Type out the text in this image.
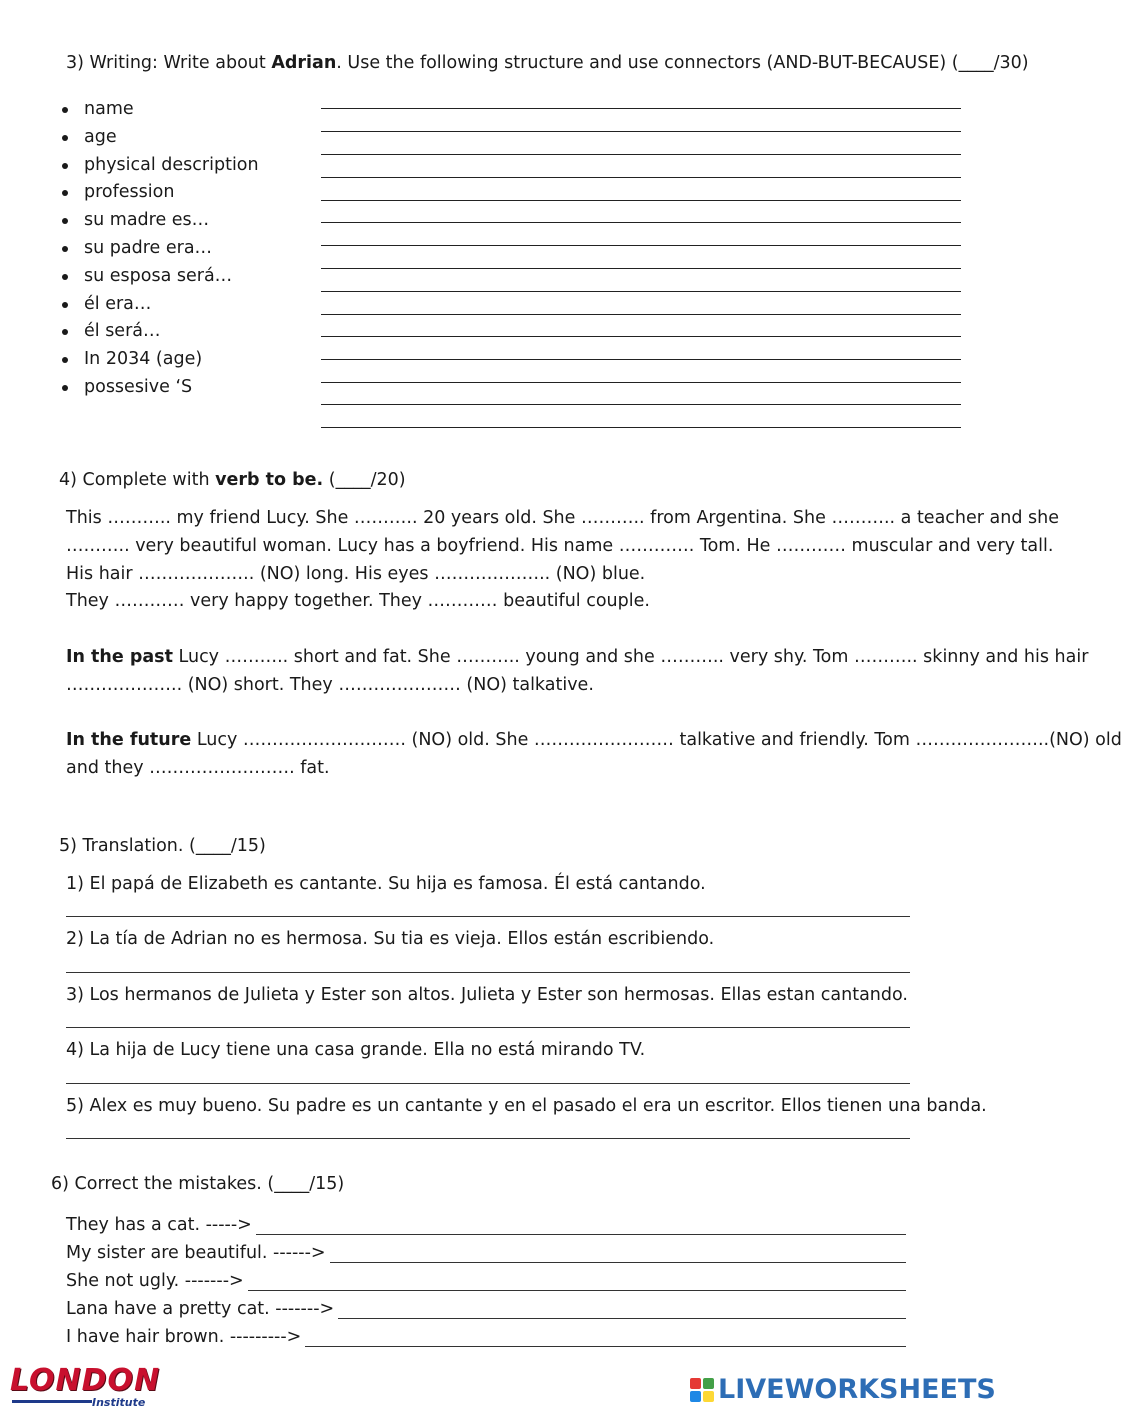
3) Writing: Write about Adrian. Use the following structure and use connectors (AND-BUT-BECAUSE) (____/30)
name
age
physical description
profession
su madre es…
su padre era…
su esposa será…
él era…
él será…
In 2034 (age)
possesive ‘S
4) Complete with verb to be. (____/20)

This ……….. my friend Lucy. She ……….. 20 years old. She ……….. from Argentina. She ……….. a teacher and she

……….. very beautiful woman. Lucy has a boyfriend. His name …………. Tom. He ………… muscular and very tall.

His hair ……………….. (NO) long. His eyes ……………….. (NO) blue.

They ………… very happy together. They ………… beautiful couple.

In the past Lucy ……….. short and fat. She ……….. young and she ……….. very shy. Tom ……….. skinny and his hair

……………….. (NO) short. They ………………… (NO) talkative.

In the future Lucy ………………………. (NO) old. She …………………… talkative and friendly. Tom …………………..(NO) old

and they ……………………. fat.

5) Translation. (____/15)
1) El papá de Elizabeth es cantante. Su hija es famosa. Él está cantando.
2) La tía de Adrian no es hermosa. Su tia es vieja. Ellos están escribiendo.
3) Los hermanos de Julieta y Ester son altos. Julieta y Ester son hermosas. Ellas estan cantando.
4) La hija de Lucy tiene una casa grande. Ella no está mirando TV.
5) Alex es muy bueno. Su padre es un cantante y en el pasado el era un escritor. Ellos tienen una banda.
6) Correct the mistakes. (____/15)
They has a cat. ----->
My sister are beautiful. ------>
She not ugly. ------->
Lana have a pretty cat. ------->
I have hair brown. --------->
LONDON
Institute	LIVEWORKSHEETS
